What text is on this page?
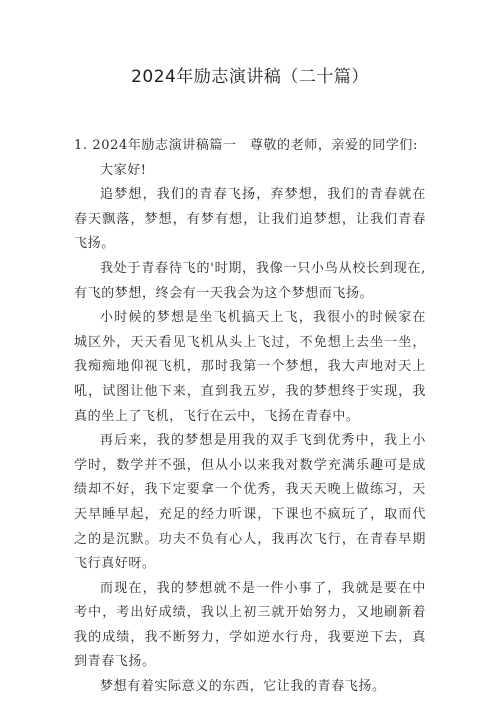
2024年励志演讲稿（二十篇）

1. 2024年励志演讲稿篇一 尊敬的老师，亲爱的同学们:

大家好!

追梦想，我们的青春飞扬，弃梦想，我们的青春就在春天飘落，梦想，有梦有想，让我们追梦想，让我们青春飞扬。

我处于青春待飞的'时期，我像一只小鸟从校长到现在,有飞的梦想，终会有一天我会为这个梦想而飞扬。

小时候的梦想是坐飞机搞天上飞，我很小的时候家在城区外，天天看见飞机从头上飞过，不免想上去坐一坐，我痴痴地仰视飞机，那时我第一个梦想，我大声地对天上吼，试图让他下来，直到我五岁，我的梦想终于实现，我真的坐上了飞机，飞行在云中，飞扬在青春中。

再后来，我的梦想是用我的双手飞到优秀中，我上小学时，数学并不强，但从小以来我对数学充满乐趣可是成绩却不好，我下定要拿一个优秀，我天天晚上做练习，天天早睡早起，充足的经力听课，下课也不疯玩了，取而代之的是沉默。功夫不负有心人，我再次飞行，在青春早期飞行真好呀。

而现在，我的梦想就不是一件小事了，我就是要在中考中，考出好成绩，我以上初三就开始努力，又地刷新着我的成绩，我不断努力，学如逆水行舟，我要逆下去，真到青春飞扬。

梦想有着实际意义的东西，它让我的青春飞扬。
